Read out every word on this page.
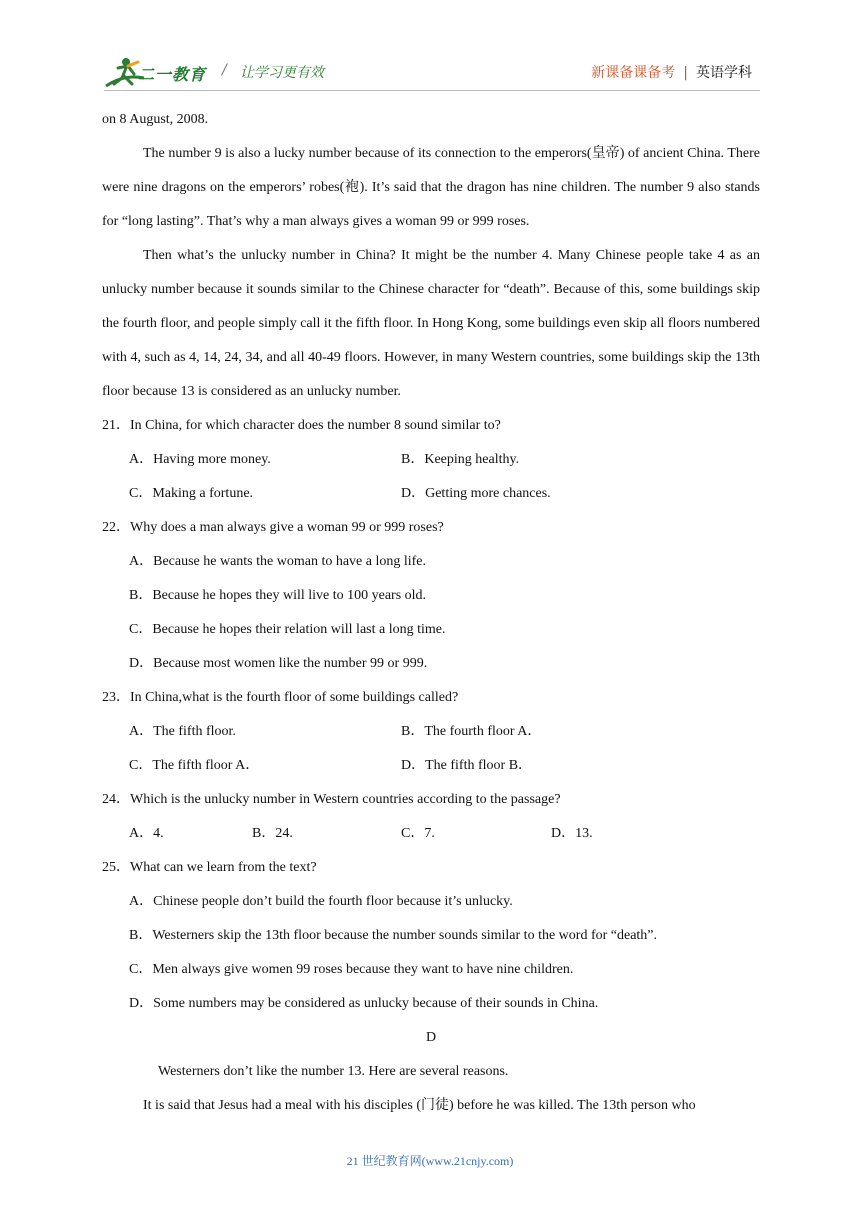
二一教育 / 让学习更有效	新课备课备考 | 英语学科
on 8 August, 2008.

The number 9 is also a lucky number because of its connection to the emperors(皇帝) of ancient China. There were nine dragons on the emperors’ robes(袍). It’s said that the dragon has nine children. The number 9 also stands for “long lasting”. That’s why a man always gives a woman 99 or 999 roses.

Then what’s the unlucky number in China? It might be the number 4. Many Chinese people take 4 as an unlucky number because it sounds similar to the Chinese character for “death”. Because of this, some buildings skip the fourth floor, and people simply call it the fifth floor. In Hong Kong, some buildings even skip all floors numbered with 4, such as 4, 14, 24, 34, and all 40-49 floors. However, in many Western countries, some buildings skip the 13th floor because 13 is considered as an unlucky number.

21．In China, for which character does the number 8 sound similar to?
A．Having more money.	B．Keeping healthy.
C．Making a fortune.	D．Getting more chances.
22．Why does a man always give a woman 99 or 999 roses?
A．Because he wants the woman to have a long life.
B．Because he hopes they will live to 100 years old.
C．Because he hopes their relation will last a long time.
D．Because most women like the number 99 or 999.
23．In China,what is the fourth floor of some buildings called?
A．The fifth floor.	B．The fourth floor A．
C．The fifth floor A．	D．The fifth floor B．
24．Which is the unlucky number in Western countries according to the passage?
A．4.	B．24.	C．7.	D．13.
25．What can we learn from the text?
A．Chinese people don’t build the fourth floor because it’s unlucky.
B．Westerners skip the 13th floor because the number sounds similar to the word for “death”.
C．Men always give women 99 roses because they want to have nine children.
D．Some numbers may be considered as unlucky because of their sounds in China.
D
Westerners don’t like the number 13. Here are several reasons.
It is said that Jesus had a meal with his disciples (门徒) before he was killed. The 13th person who
21 世纪教育网(www.21cnjy.com)
